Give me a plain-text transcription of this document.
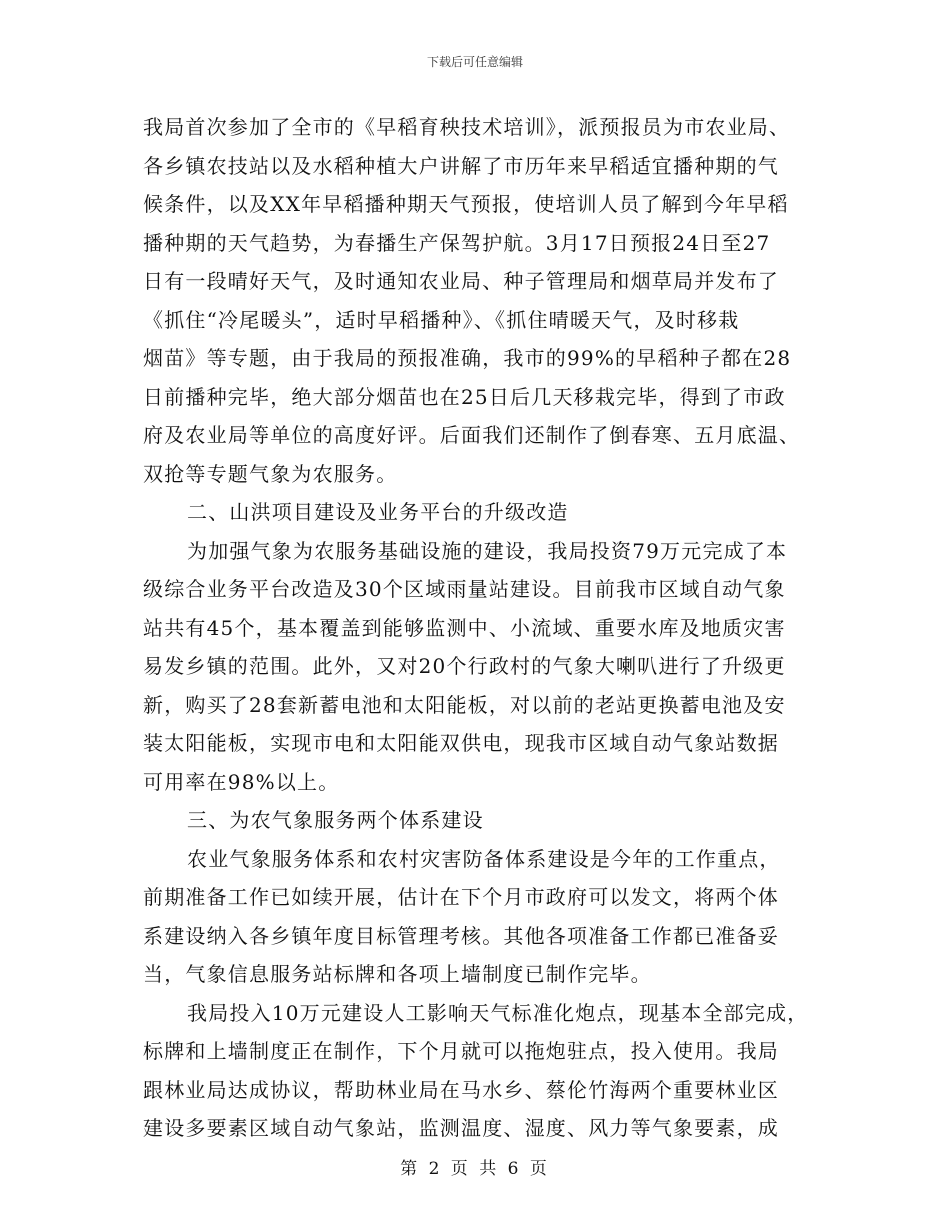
下载后可任意编辑
我局首次参加了全市的《早稻育秧技术培训》，派预报员为市农业局、
各乡镇农技站以及水稻种植大户讲解了市历年来早稻适宜播种期的气
候条件，以及XX年早稻播种期天气预报，使培训人员了解到今年早稻
播种期的天气趋势，为春播生产保驾护航。3月17日预报24日至27
日有一段晴好天气，及时通知农业局、种子管理局和烟草局并发布了
《抓住“冷尾暖头”，适时早稻播种》、《抓住晴暖天气，及时移栽
烟苗》等专题，由于我局的预报准确，我市的99%的早稻种子都在28
日前播种完毕，绝大部分烟苗也在25日后几天移栽完毕，得到了市政
府及农业局等单位的高度好评。后面我们还制作了倒春寒、五月底温、
双抢等专题气象为农服务。
二、山洪项目建设及业务平台的升级改造
为加强气象为农服务基础设施的建设，我局投资79万元完成了本
级综合业务平台改造及30个区域雨量站建设。目前我市区域自动气象
站共有45个，基本覆盖到能够监测中、小流域、重要水库及地质灾害
易发乡镇的范围。此外，又对20个行政村的气象大喇叭进行了升级更
新，购买了28套新蓄电池和太阳能板，对以前的老站更换蓄电池及安
装太阳能板，实现市电和太阳能双供电，现我市区域自动气象站数据
可用率在98%以上。
三、为农气象服务两个体系建设
农业气象服务体系和农村灾害防备体系建设是今年的工作重点，
前期准备工作已如续开展，估计在下个月市政府可以发文，将两个体
系建设纳入各乡镇年度目标管理考核。其他各项准备工作都已准备妥
当，气象信息服务站标牌和各项上墙制度已制作完毕。
我局投入10万元建设人工影响天气标准化炮点，现基本全部完成，
标牌和上墙制度正在制作，下个月就可以拖炮驻点，投入使用。我局
跟林业局达成协议，帮助林业局在马水乡、蔡伦竹海两个重要林业区
建设多要素区域自动气象站，监测温度、湿度、风力等气象要素，成
第 2 页 共 6 页
